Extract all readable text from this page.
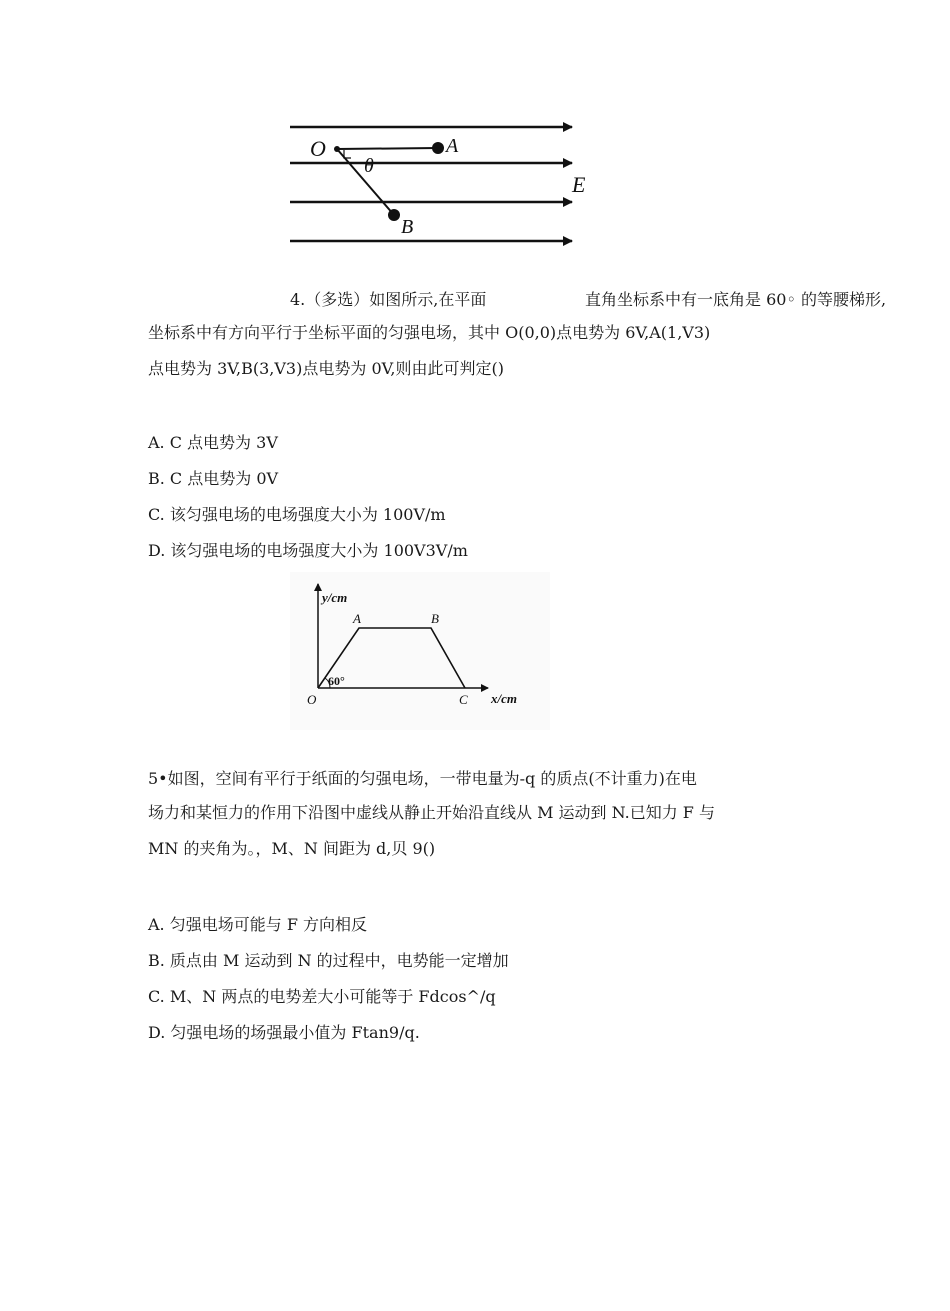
O	A
θ
B
E
4.（多选）如图所示,在平面	直角坐标系中有一底角是 60◦ 的等腰梯形,
坐标系中有方向平行于坐标平面的匀强电场，其中 O(0,0)点电势为 6V,A(1,V3)
点电势为 3V,B(3,V3)点电势为 0V,则由此可判定()
A. C 点电势为 3V
B. C 点电势为 0V
C. 该匀强电场的电场强度大小为 100V/m
D. 该匀强电场的电场强度大小为 100V3V/m
y/cm
x/cm
A	B
O	C
60°
5•如图，空间有平行于纸面的匀强电场，一带电量为-q 的质点(不计重力)在电
场力和某恒力的作用下沿图中虚线从静止开始沿直线从 M 运动到 N.已知力 F 与
MN 的夹角为。，M、N 间距为 d,贝 9()
A. 匀强电场可能与 F 方向相反
B. 质点由 M 运动到 N 的过程中，电势能一定增加
C. M、N 两点的电势差大小可能等于 Fdcos^/q
D. 匀强电场的场强最小值为 Ftan9/q.
